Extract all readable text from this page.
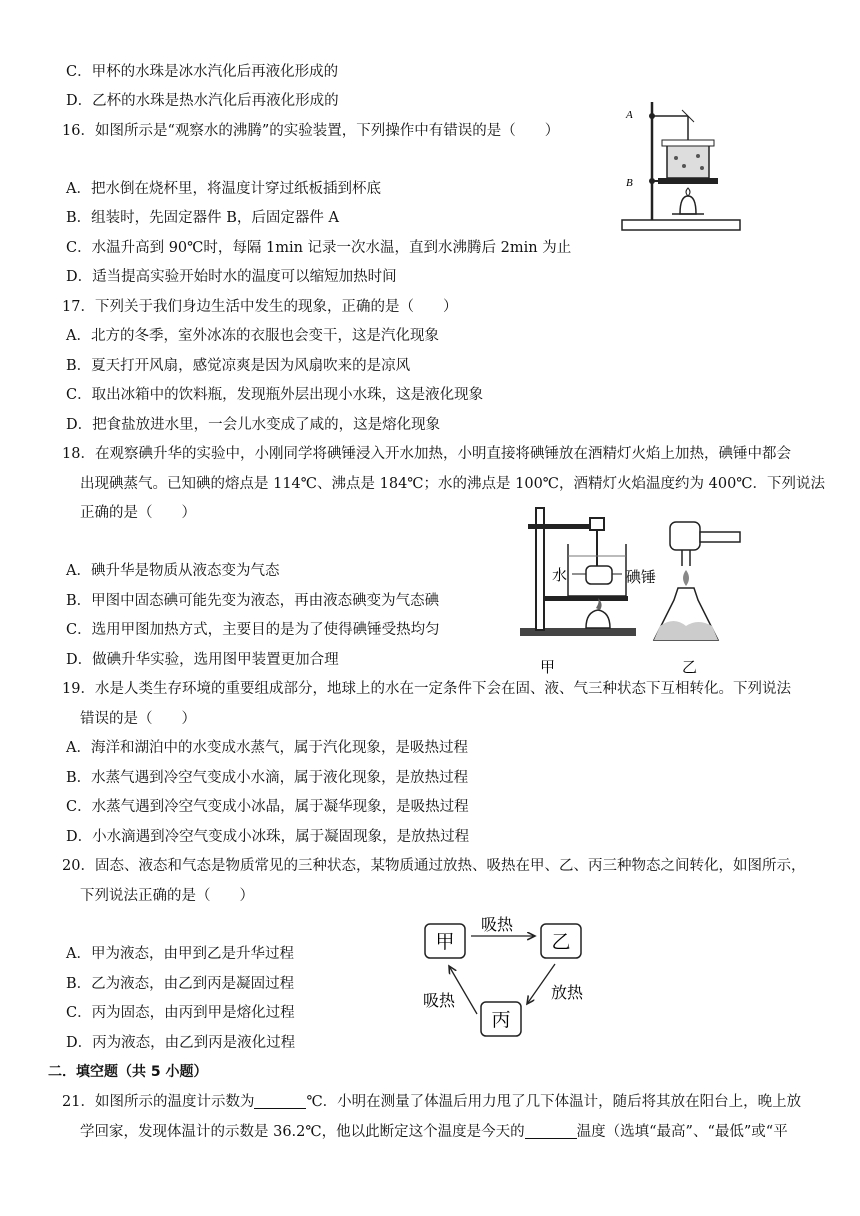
C．甲杯的水珠是冰水汽化后再液化形成的
D．乙杯的水珠是热水汽化后再液化形成的
16．如图所示是“观察水的沸腾”的实验装置，下列操作中有错误的是（　　）
A．把水倒在烧杯里，将温度计穿过纸板插到杯底
B．组装时，先固定器件 B，后固定器件 A
C．水温升高到 90℃时，每隔 1min 记录一次水温，直到水沸腾后 2min 为止
D．适当提高实验开始时水的温度可以缩短加热时间
A
B
17．下列关于我们身边生活中发生的现象，正确的是（　　）
A．北方的冬季，室外冰冻的衣服也会变干，这是汽化现象
B．夏天打开风扇，感觉凉爽是因为风扇吹来的是凉风
C．取出冰箱中的饮料瓶，发现瓶外层出现小水珠，这是液化现象
D．把食盐放进水里，一会儿水变成了咸的，这是熔化现象
18．在观察碘升华的实验中，小刚同学将碘锤浸入开水加热，小明直接将碘锤放在酒精灯火焰上加热，碘锤中都会
出现碘蒸气。已知碘的熔点是 114℃、沸点是 184℃；水的沸点是 100℃，酒精灯火焰温度约为 400℃．下列说法
正确的是（　　）
A．碘升华是物质从液态变为气态
B．甲图中固态碘可能先变为液态，再由液态碘变为气态碘
C．选用甲图加热方式，主要目的是为了使得碘锤受热均匀
D．做碘升华实验，选用图甲装置更加合理
水	碘锤
甲	乙
19．水是人类生存环境的重要组成部分，地球上的水在一定条件下会在固、液、气三种状态下互相转化。下列说法
错误的是（　　）
A．海洋和湖泊中的水变成水蒸气，属于汽化现象，是吸热过程
B．水蒸气遇到冷空气变成小水滴，属于液化现象，是放热过程
C．水蒸气遇到冷空气变成小冰晶，属于凝华现象，是吸热过程
D．小水滴遇到冷空气变成小冰珠，属于凝固现象，是放热过程
20．固态、液态和气态是物质常见的三种状态，某物质通过放热、吸热在甲、乙、丙三种物态之间转化，如图所示，
下列说法正确的是（　　）
A．甲为液态，由甲到乙是升华过程
B．乙为液态，由乙到丙是凝固过程
C．丙为固态，由丙到甲是熔化过程
D．丙为液态，由乙到丙是液化过程
甲	乙
丙
吸热
放热
吸热
二．填空题（共 5 小题）
21．如图所示的温度计示数为	℃．小明在测量了体温后用力甩了几下体温计，随后将其放在阳台上，晚上放
学回家，发现体温计的示数是 36.2℃，他以此断定这个温度是今天的	温度（选填“最高”、“最低”或“平
